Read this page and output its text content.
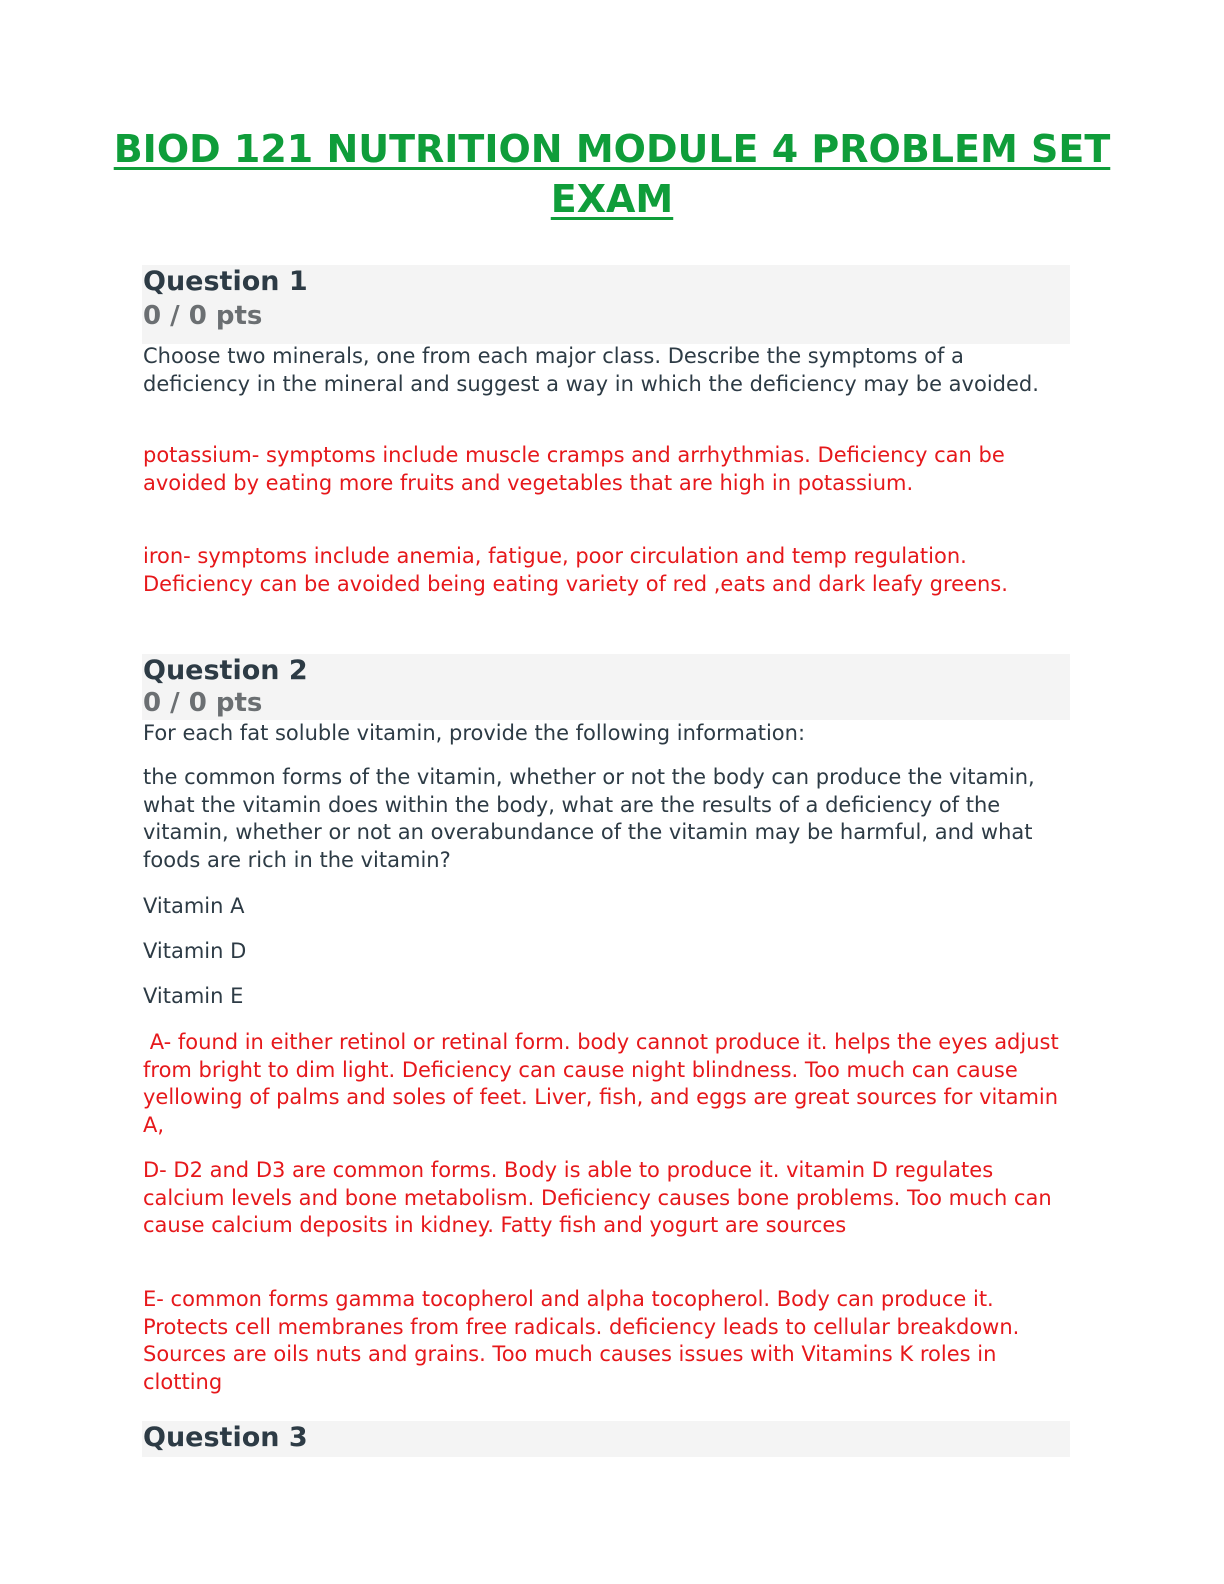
BIOD 121 NUTRITION MODULE 4 PROBLEM SET
EXAM
Question 1
0 / 0 pts

Choose two minerals, one from each major class. Describe the symptoms of a deficiency in the mineral and suggest a way in which the deficiency may be avoided.

potassium- symptoms include muscle cramps and arrhythmias. Deficiency can be avoided by eating more fruits and vegetables that are high in potassium.

iron- symptoms include anemia, fatigue, poor circulation and temp regulation. Deficiency can be avoided being eating variety of red ,eats and dark leafy greens.

Question 2
0 / 0 pts

For each fat soluble vitamin, provide the following information:

the common forms of the vitamin, whether or not the body can produce the vitamin, what the vitamin does within the body, what are the results of a deficiency of the vitamin, whether or not an overabundance of the vitamin may be harmful, and what foods are rich in the vitamin?

Vitamin A

Vitamin D

Vitamin E

A- found in either retinol or retinal form. body cannot produce it. helps the eyes adjust from bright to dim light. Deficiency can cause night blindness. Too much can cause yellowing of palms and soles of feet. Liver, fish, and eggs are great sources for vitamin A,

D- D2 and D3 are common forms. Body is able to produce it. vitamin D regulates calcium levels and bone metabolism. Deficiency causes bone problems. Too much can cause calcium deposits in kidney. Fatty fish and yogurt are sources

E- common forms gamma tocopherol and alpha tocopherol. Body can produce it. Protects cell membranes from free radicals. deficiency leads to cellular breakdown. Sources are oils nuts and grains. Too much causes issues with Vitamins K roles in clotting

Question 3
